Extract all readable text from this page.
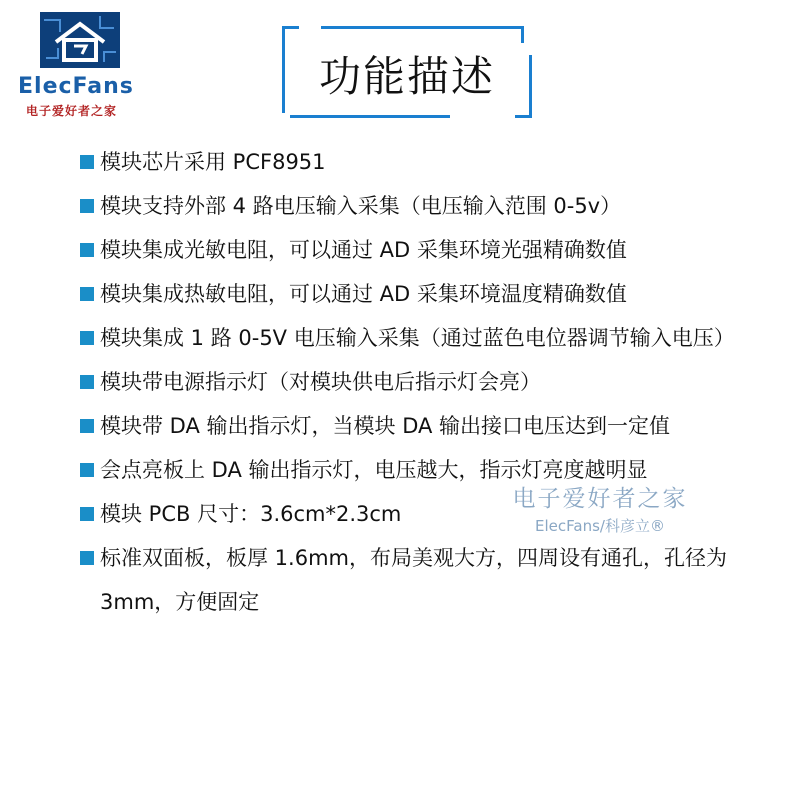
ElecFans
电子爱好者之家
功能描述
模块芯片采用 PCF8951
模块支持外部 4 路电压输入采集（电压输入范围 0-5v）
模块集成光敏电阻，可以通过 AD 采集环境光强精确数值
模块集成热敏电阻，可以通过 AD 采集环境温度精确数值
模块集成 1 路 0-5V 电压输入采集（通过蓝色电位器调节输入电压）
模块带电源指示灯（对模块供电后指示灯会亮）
模块带 DA 输出指示灯，当模块 DA 输出接口电压达到一定值
会点亮板上 DA 输出指示灯，电压越大，指示灯亮度越明显
模块 PCB 尺寸：3.6cm*2.3cm
标准双面板，板厚 1.6mm，布局美观大方，四周设有通孔，孔径为 3mm，方便固定
电子爱好者之家
ElecFans/科彦立®
